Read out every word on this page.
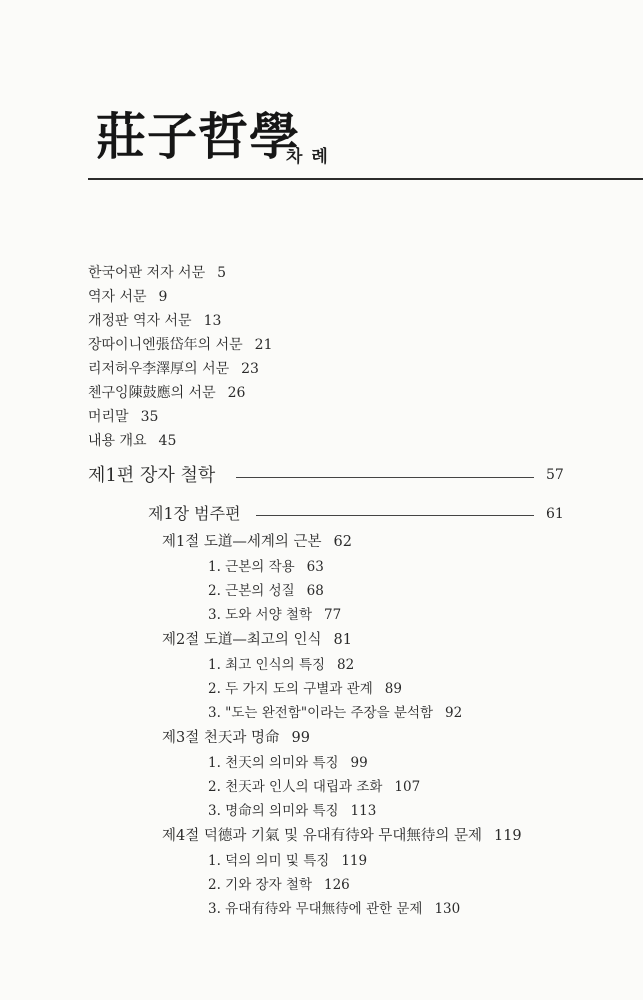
莊子哲學
차례
한국어판 저자 서문 5
역자 서문 9
개정판 역자 서문 13
장따이니엔張岱年의 서문 21
리저허우李澤厚의 서문 23
첸구잉陳鼓應의 서문 26
머리말 35
내용 개요 45
제1편 장자 철학	57
제1장 범주편	61
제1절 도道—세계의 근본 62
1. 근본의 작용 63
2. 근본의 성질 68
3. 도와 서양 철학 77
제2절 도道—최고의 인식 81
1. 최고 인식의 특징 82
2. 두 가지 도의 구별과 관계 89
3. "도는 완전함"이라는 주장을 분석함 92
제3절 천天과 명命 99
1. 천天의 의미와 특징 99
2. 천天과 인人의 대립과 조화 107
3. 명命의 의미와 특징 113
제4절 덕德과 기氣 및 유대有待와 무대無待의 문제 119
1. 덕의 의미 및 특징 119
2. 기와 장자 철학 126
3. 유대有待와 무대無待에 관한 문제 130
